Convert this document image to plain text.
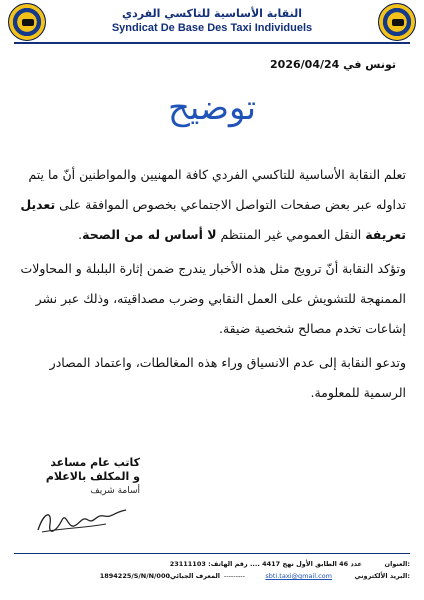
النقابة الأساسية للتاكسي الفردي
Syndicat De Base Des Taxi Individuels
تونس في 2026/04/24
توضيح

تعلم النقابة الأساسية للتاكسي الفردي كافة المهنيين والمواطنين أنّ ما يتم تداوله عبر بعض صفحات التواصل الاجتماعي بخصوص الموافقة على تعديل تعريفة النقل العمومي غير المنتظم لا أساس له من الصحة.

وتؤكد النقابة أنّ ترويج مثل هذه الأخبار يندرج ضمن إثارة البلبلة و المحاولات الممنهجة للتشويش على العمل النقابي وضرب مصداقيته، وذلك عبر نشر إشاعات تخدم مصالح شخصية ضيقة.

وتدعو النقابة إلى عدم الانسياق وراء هذه المغالطات، واعتماد المصادر الرسمية للمعلومة.

كاتب عام مساعد
و المكلف بالاعلام
أسامة شريف
العنوان:
عدد 46 الطابق الأول نهج 4417 .... رقم الهاتف: 23111103
البريد الألكتروني:
sbti.taxi@gmail.com
---------
المعرف الجبائي:
1894225/S/N/N/000
